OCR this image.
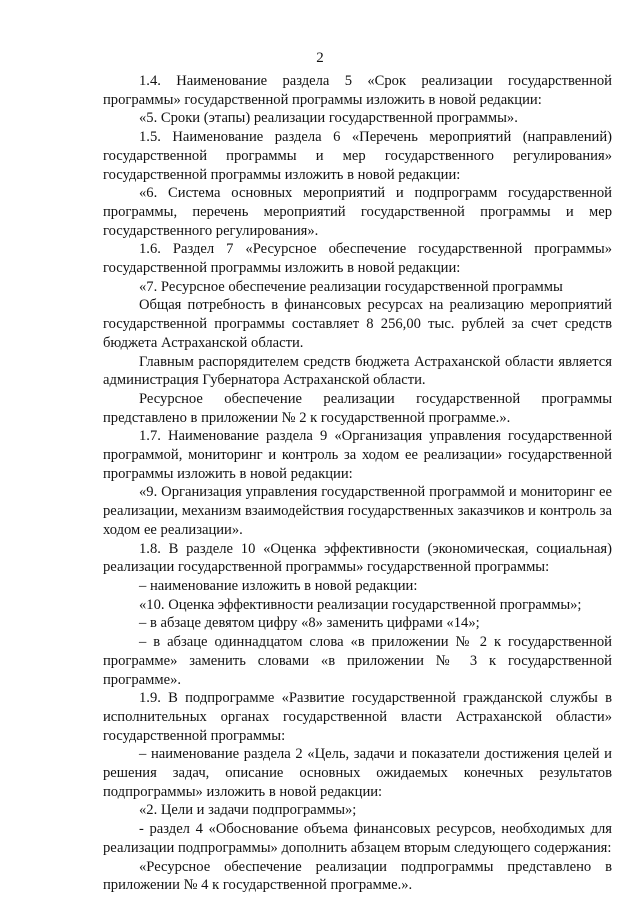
2

1.4. Наименование раздела 5 «Срок реализации государственной программы» государственной программы изложить в новой редакции:

«5. Сроки (этапы) реализации государственной программы».

1.5. Наименование раздела 6 «Перечень мероприятий (направлений) государственной программы и мер государственного регулирования» государственной программы изложить в новой редакции:

«6. Система основных мероприятий и подпрограмм государственной программы, перечень мероприятий государственной программы и мер государственного регулирования».

1.6. Раздел 7 «Ресурсное обеспечение государственной программы» государственной программы изложить в новой редакции:

«7. Ресурсное обеспечение реализации государственной программы

Общая потребность в финансовых ресурсах на реализацию мероприятий государственной программы составляет 8 256,00 тыс. рублей за счет средств бюджета Астраханской области.

Главным распорядителем средств бюджета Астраханской области является администрация Губернатора Астраханской области.

Ресурсное обеспечение реализации государственной программы представлено в приложении № 2 к государственной программе.».

1.7. Наименование раздела 9 «Организация управления государственной программой, мониторинг и контроль за ходом ее реализации» государственной программы изложить в новой редакции:

«9. Организация управления государственной программой и мониторинг ее реализации, механизм взаимодействия государственных заказчиков и контроль за ходом ее реализации».

1.8. В разделе 10 «Оценка эффективности (экономическая, социальная) реализации государственной программы» государственной программы:

– наименование изложить в новой редакции:

«10. Оценка эффективности реализации государственной программы»;

– в абзаце девятом цифру «8» заменить цифрами «14»;

– в абзаце одиннадцатом слова «в приложении № 2 к государственной программе» заменить словами «в приложении № 3 к государственной программе».

1.9. В подпрограмме «Развитие государственной гражданской службы в исполнительных органах государственной власти Астраханской области» государственной программы:

– наименование раздела 2 «Цель, задачи и показатели достижения целей и решения задач, описание основных ожидаемых конечных результатов подпрограммы» изложить в новой редакции:

«2. Цели и задачи подпрограммы»;

- раздел 4 «Обоснование объема финансовых ресурсов, необходимых для реализации подпрограммы» дополнить абзацем вторым следующего содержания:

«Ресурсное обеспечение реализации подпрограммы представлено в приложении № 4 к государственной программе.».
